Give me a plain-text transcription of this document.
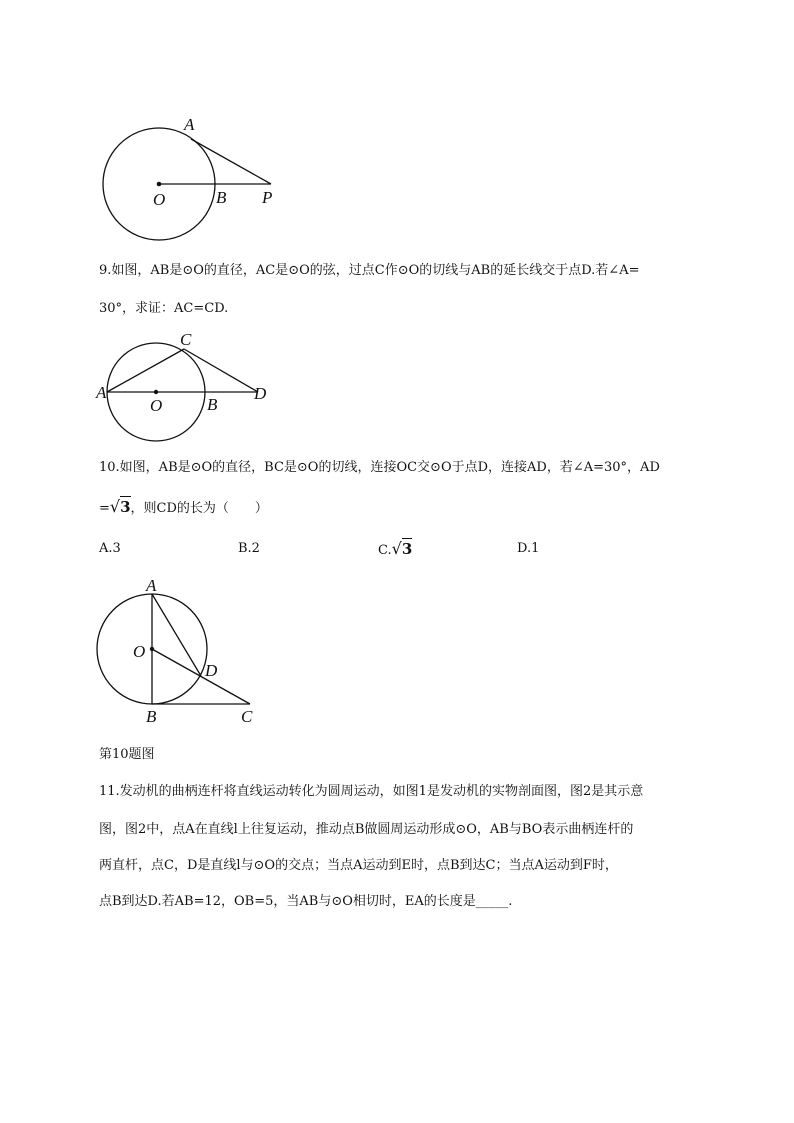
A
O	B P
9.如图，AB是⊙O的直径，AC是⊙O的弦，过点C作⊙O的切线与AB的延长线交于点D.若∠A=
30°，求证：AC=CD.
A
C
O	B
D
10.如图，AB是⊙O的直径，BC是⊙O的切线，连接OC交⊙O于点D，连接AD，若∠A=30°，AD
=√3，则CD的长为（　　）
A.3	B.2	C.√3	D.1
A
O
D
B	C
第10题图
11.发动机的曲柄连杆将直线运动转化为圆周运动，如图1是发动机的实物剖面图，图2是其示意
图，图2中，点A在直线l上往复运动，推动点B做圆周运动形成⊙O，AB与BO表示曲柄连杆的
两直杆，点C，D是直线l与⊙O的交点；当点A运动到E时，点B到达C；当点A运动到F时，
点B到达D.若AB=12，OB=5，当AB与⊙O相切时，EA的长度是_____.
